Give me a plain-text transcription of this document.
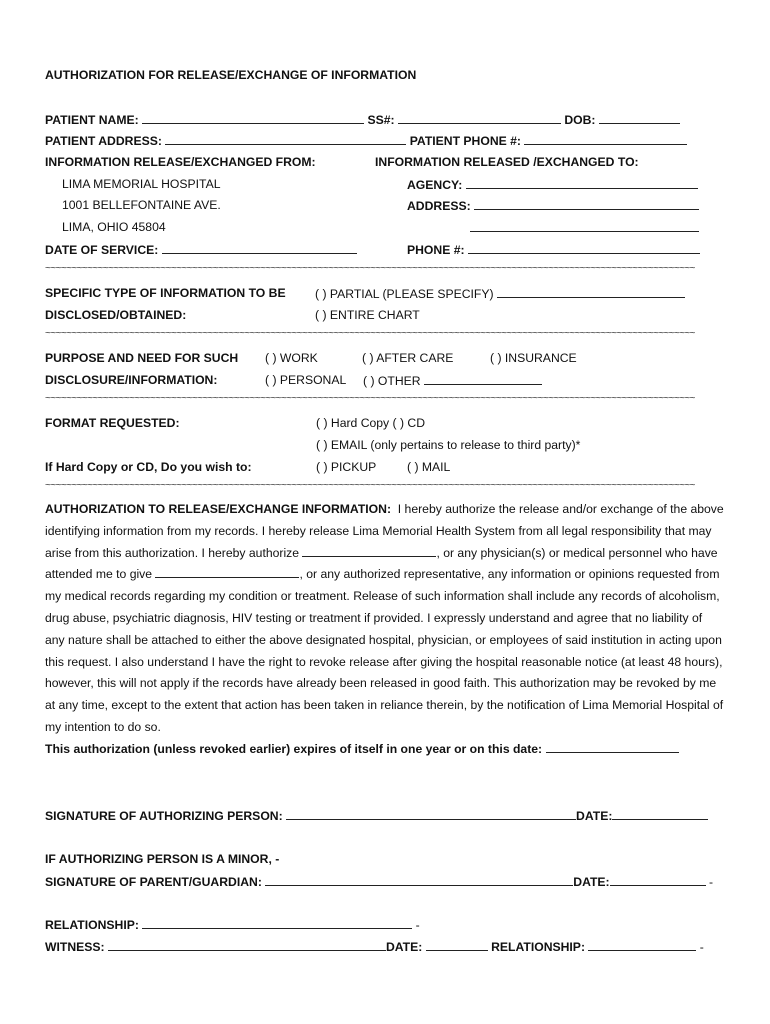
AUTHORIZATION FOR RELEASE/EXCHANGE OF INFORMATION
PATIENT NAME:	SS#:	DOB:
PATIENT ADDRESS:	PATIENT PHONE #:
INFORMATION RELEASE/EXCHANGED FROM:	INFORMATION RELEASED /EXCHANGED TO:
LIMA MEMORIAL HOSPITAL	AGENCY:
1001 BELLEFONTAINE AVE.	ADDRESS:
LIMA, OHIO 45804
DATE OF SERVICE:	PHONE #:
~~~~~~~~~~~~~~~~~~~~~~~~~~~~~~~~~~~~~~~~~~~~~~~~~~~~~~~~~~~~~~~~~~~~~~~~~~~~~~~~~~~~~~~~~~~~~~~~~~~~~~~~~~~~~~~~~~~~~~~~~~~~
SPECIFIC TYPE OF INFORMATION TO BE ( ) PARTIAL (PLEASE SPECIFY)
DISCLOSED/OBTAINED:	( ) ENTIRE CHART
~~~~~~~~~~~~~~~~~~~~~~~~~~~~~~~~~~~~~~~~~~~~~~~~~~~~~~~~~~~~~~~~~~~~~~~~~~~~~~~~~~~~~~~~~~~~~~~~~~~~~~~~~~~~~~~~~~~~~~~~~~~~
PURPOSE AND NEED FOR SUCH ( ) WORK	( ) AFTER CARE	( ) INSURANCE
DISCLOSURE/INFORMATION:	( ) PERSONAL ( ) OTHER
~~~~~~~~~~~~~~~~~~~~~~~~~~~~~~~~~~~~~~~~~~~~~~~~~~~~~~~~~~~~~~~~~~~~~~~~~~~~~~~~~~~~~~~~~~~~~~~~~~~~~~~~~~~~~~~~~~~~~~~~~~~~
FORMAT REQUESTED:	( ) Hard Copy ( ) CD
( ) EMAIL (only pertains to release to third party)*
If Hard Copy or CD, Do you wish to:	( ) PICKUP	( ) MAIL
~~~~~~~~~~~~~~~~~~~~~~~~~~~~~~~~~~~~~~~~~~~~~~~~~~~~~~~~~~~~~~~~~~~~~~~~~~~~~~~~~~~~~~~~~~~~~~~~~~~~~~~~~~~~~~~~~~~~~~~~~~~~

AUTHORIZATION TO RELEASE/EXCHANGE INFORMATION: I hereby authorize the release and/or exchange of the above identifying information from my records. I hereby release Lima Memorial Health System from all legal responsibility that may arise from this authorization. I hereby authorize	, or any physician(s) or medical personnel who have attended me to give	, or any authorized representative, any information or opinions requested from my medical records regarding my condition or treatment. Release of such information shall include any records of alcoholism, drug abuse, psychiatric diagnosis, HIV testing or treatment if provided. I expressly understand and agree that no liability of any nature shall be attached to either the above designated hospital, physician, or employees of said institution in acting upon this request. I also understand I have the right to revoke release after giving the hospital reasonable notice (at least 48 hours), however, this will not apply if the records have already been released in good faith. This authorization may be revoked by me at any time, except to the extent that action has been taken in reliance therein, by the notification of Lima Memorial Hospital of my intention to do so.

This authorization (unless revoked earlier) expires of itself in one year or on this date:

SIGNATURE OF AUTHORIZING PERSON:	DATE:
IF AUTHORIZING PERSON IS A MINOR, -
SIGNATURE OF PARENT/GUARDIAN:	DATE:	-
RELATIONSHIP:	-
WITNESS:	DATE:	RELATIONSHIP:	-
